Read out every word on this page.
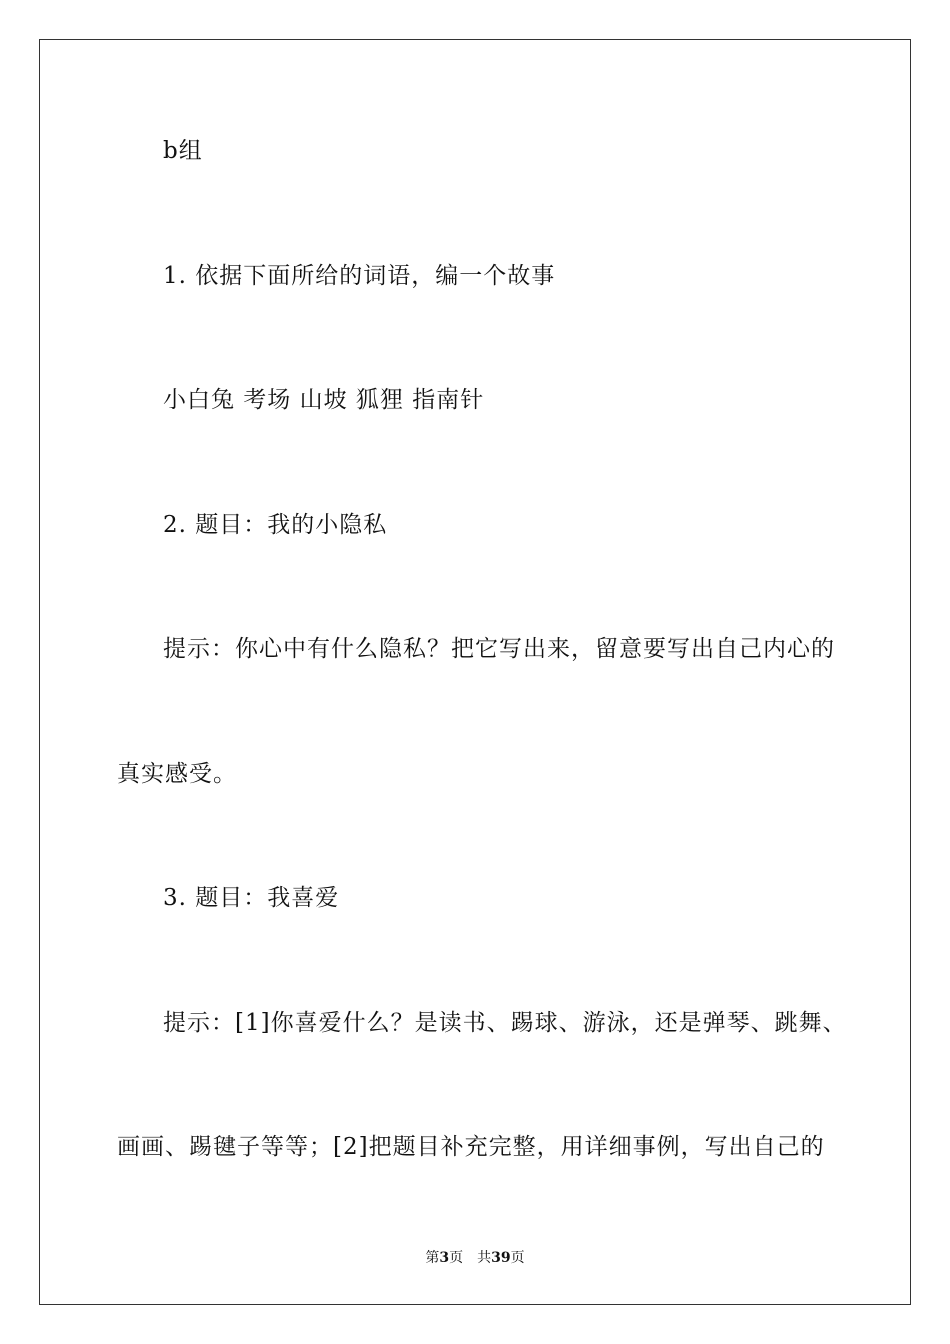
b组
1. 依据下面所给的词语，编一个故事
小白兔 考场 山坡 狐狸 指南针
2. 题目：我的小隐私
提示：你心中有什么隐私？把它写出来，留意要写出自己内心的
真实感受。
3. 题目：我喜爱
提示：[1]你喜爱什么？是读书、踢球、游泳，还是弹琴、跳舞、
画画、踢毽子等等；[2]把题目补充完整，用详细事例，写出自己的
第3页 共39页
